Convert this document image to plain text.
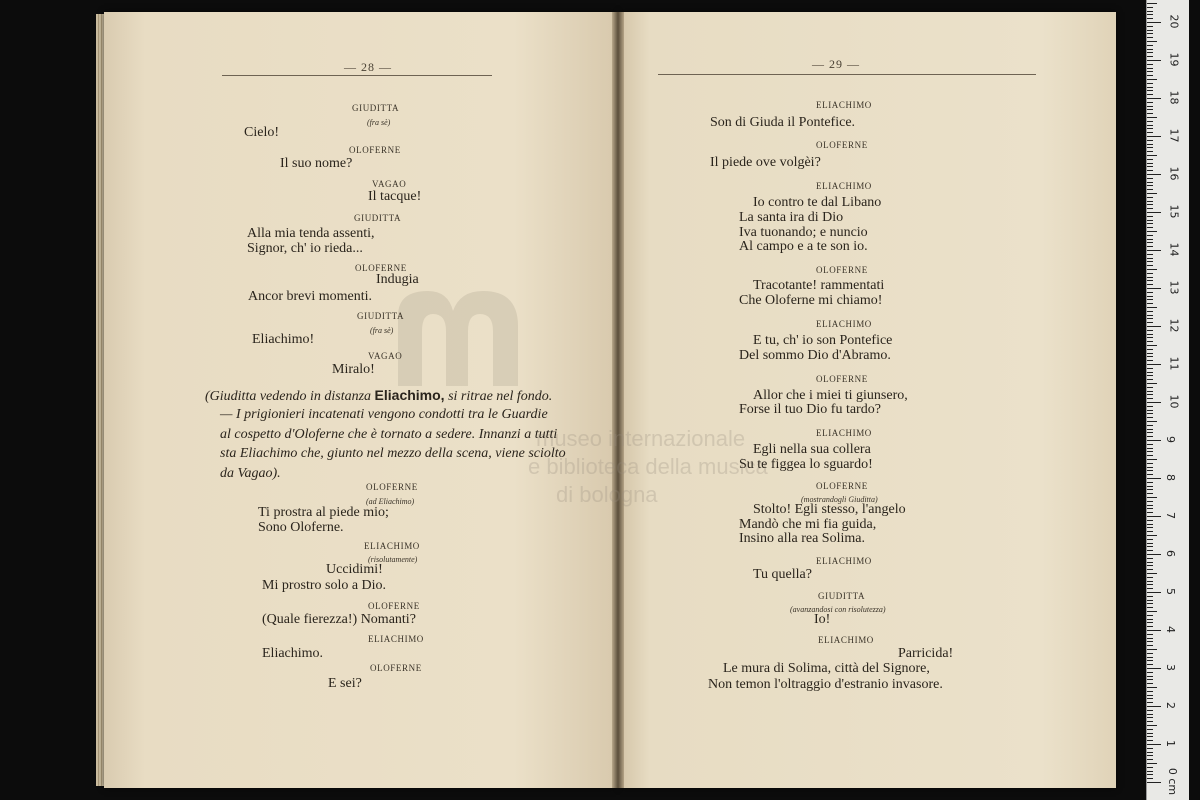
— 28 —	— 29 —
museo internazionale
e biblioteca della musica
di bologna
GIUDITTA
(fra sè)
Cielo!
OLOFERNE
Il suo nome?
VAGAO
Il tacque!
GIUDITTA
Alla mia tenda assenti,
Signor, ch' io rieda...
OLOFERNE
Indugia
Ancor brevi momenti.
GIUDITTA
(fra sè)
Eliachimo!
VAGAO
Miralo!
OLOFERNE
(ad Eliachimo)
Ti prostra al piede mio;
Sono Oloferne.
ELIACHIMO
(risolutamente)
Uccidimi!
Mi prostro solo a Dio.
OLOFERNE
(Quale fierezza!) Nomanti?
ELIACHIMO
Eliachimo.
OLOFERNE
E sei?
ELIACHIMO
Son di Giuda il Pontefice.
OLOFERNE
Il piede ove volgèi?
ELIACHIMO
Io contro te dal Libano
La santa ira di Dio
Iva tuonando; e nuncio
Al campo e a te son io.
OLOFERNE
Tracotante! rammentati
Che Oloferne mi chiamo!
ELIACHIMO
E tu, ch' io son Pontefice
Del sommo Dio d'Abramo.
OLOFERNE
Allor che i miei ti giunsero,
Forse il tuo Dio fu tardo?
ELIACHIMO
Egli nella sua collera
Su te figgea lo sguardo!
OLOFERNE
(mostrandogli Giuditta)
Stolto! Egli stesso, l'angelo
Mandò che mi fia guida,
Insino alla rea Solima.
ELIACHIMO
Tu quella?
GIUDITTA
(avanzandosi con risolutezza)
Io!
ELIACHIMO
Parricida!
Le mura di Solima, città del Signore,
Non temon l'oltraggio d'estranio invasore.
(Giuditta vedendo in distanza Eliachimo, si ritrae nel fondo.
— I prigionieri incatenati vengono condotti tra le Guardie
al cospetto d'Oloferne che è tornato a sedere. Innanzi a tutti
sta Eliachimo che, giunto nel mezzo della scena, viene sciolto
da Vagao).
0 cm
1
2
3
4
5
6
7
8
9
10
11
12
13
14
15
16
17
18
19
20
